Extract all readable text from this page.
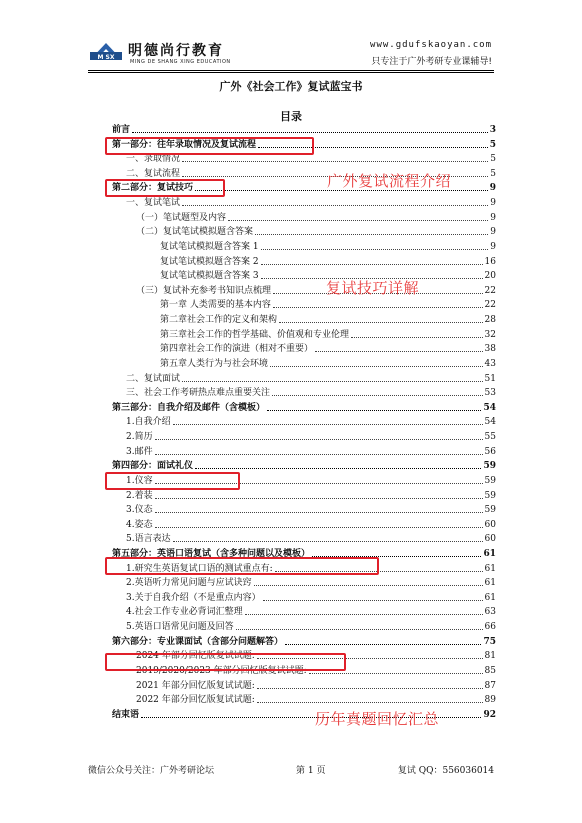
M SX 明德尚行教育
MING DE SHANG XING EDUCATION
www.gdufskaoyan.com
只专注于广外考研专业课辅导!
广外《社会工作》复试蓝宝书
目录
前言	3
第一部分：往年录取情况及复试流程	5
一、录取情况	5
二、复试流程	5
第二部分：复试技巧	9
一、复试笔试	9
（一）笔试题型及内容	9
（二）复试笔试模拟题含答案	9
复试笔试模拟题含答案 1	9
复试笔试模拟题含答案 2	16
复试笔试模拟题含答案 3	20
（三）复试补充参考书知识点梳理	22
第一章 人类需要的基本内容	22
第二章社会工作的定义和架构	28
第三章社会工作的哲学基础、价值观和专业伦理	32
第四章社会工作的演进（相对不重要）	38
第五章人类行为与社会环境	43
二、复试面试	51
三、社会工作考研热点难点重要关注	53
第三部分：自我介绍及邮件（含模板）	54
1.自我介绍	54
2.简历	55
3.邮件	56
第四部分：面试礼仪	59
1.仪容	59
2.着装	59
3.仪态	59
4.姿态	60
5.语言表达	60
第五部分：英语口语复试（含多种问题以及模板）	61
1.研究生英语复试口语的测试重点有:	61
2.英语听力常见问题与应试诀窍	61
3.关于自我介绍（不是重点内容）	61
4.社会工作专业必背词汇整理	63
5.英语口语常见问题及回答	66
第六部分：专业课面试（含部分问题解答）	75
2024 年部分回忆版复试试题:	81
2019/2020/2023 年部分回忆版复试试题:	85
2021 年部分回忆版复试试题:	87
2022 年部分回忆版复试试题:	89
结束语	92
广外复试流程介绍
复试技巧详解
历年真题回忆汇总
微信公众号关注：广外考研论坛	第 1 页	复试 QQ：556036014
